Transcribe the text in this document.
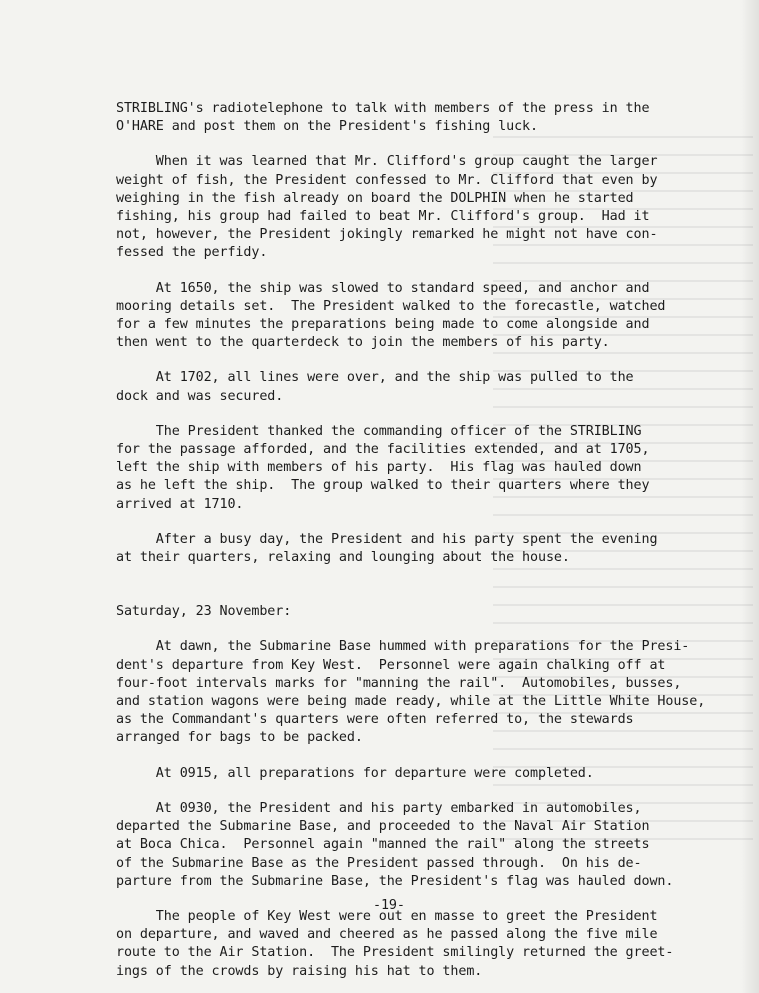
STRIBLING's radiotelephone to talk with members of the press in the

O'HARE and post them on the President's fishing luck.

When it was learned that Mr. Clifford's group caught the larger

weight of fish, the President confessed to Mr. Clifford that even by

weighing in the fish already on board the DOLPHIN when he started

fishing, his group had failed to beat Mr. Clifford's group.  Had it

not, however, the President jokingly remarked he might not have con-

fessed the perfidy.

At 1650, the ship was slowed to standard speed, and anchor and

mooring details set.  The President walked to the forecastle, watched

for a few minutes the preparations being made to come alongside and

then went to the quarterdeck to join the members of his party.

At 1702, all lines were over, and the ship was pulled to the

dock and was secured.

The President thanked the commanding officer of the STRIBLING

for the passage afforded, and the facilities extended, and at 1705,

left the ship with members of his party.  His flag was hauled down

as he left the ship.  The group walked to their quarters where they

arrived at 1710.

After a busy day, the President and his party spent the evening

at their quarters, relaxing and lounging about the house.

Saturday, 23 November:

At dawn, the Submarine Base hummed with preparations for the Presi-

dent's departure from Key West.  Personnel were again chalking off at

four-foot intervals marks for "manning the rail".  Automobiles, busses,

and station wagons were being made ready, while at the Little White House,

as the Commandant's quarters were often referred to, the stewards

arranged for bags to be packed.

At 0915, all preparations for departure were completed.

At 0930, the President and his party embarked in automobiles,

departed the Submarine Base, and proceeded to the Naval Air Station

at Boca Chica.  Personnel again "manned the rail" along the streets

of the Submarine Base as the President passed through.  On his de-

parture from the Submarine Base, the President's flag was hauled down.

The people of Key West were out en masse to greet the President

on departure, and waved and cheered as he passed along the five mile

route to the Air Station.  The President smilingly returned the greet-

ings of the crowds by raising his hat to them.

-19-
